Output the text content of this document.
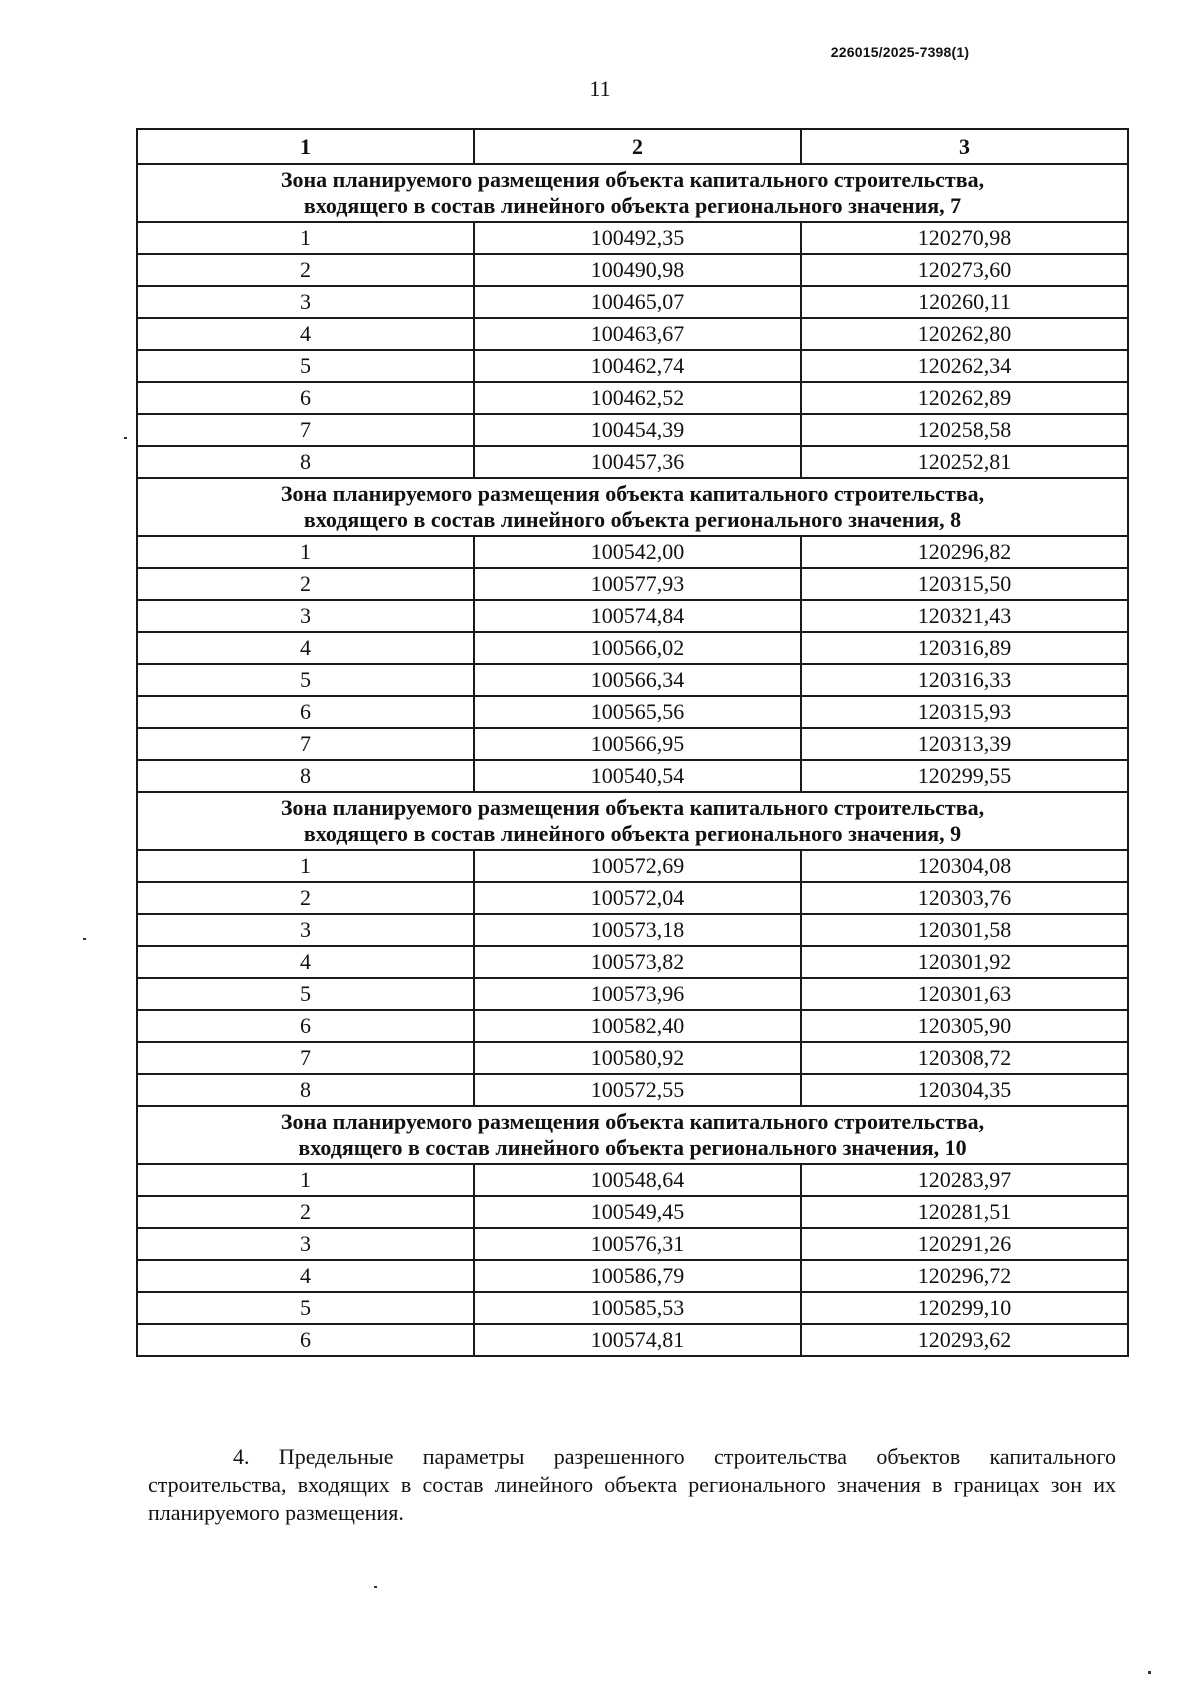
226015/2025-7398(1)
11
1	2	3

Зона планируемого размещения объекта капитального строительства,
входящего в состав линейного объекта регионального значения, 7		

1	100492,35	120270,98
2	100490,98	120273,60
3	100465,07	120260,11
4	100463,67	120262,80
5	100462,74	120262,34
6	100462,52	120262,89
7	100454,39	120258,58
8	100457,36	120252,81

Зона планируемого размещения объекта капитального строительства,
входящего в состав линейного объекта регионального значения, 8		

1	100542,00	120296,82
2	100577,93	120315,50
3	100574,84	120321,43
4	100566,02	120316,89
5	100566,34	120316,33
6	100565,56	120315,93
7	100566,95	120313,39
8	100540,54	120299,55

Зона планируемого размещения объекта капитального строительства,
входящего в состав линейного объекта регионального значения, 9		

1	100572,69	120304,08
2	100572,04	120303,76
3	100573,18	120301,58
4	100573,82	120301,92
5	100573,96	120301,63
6	100582,40	120305,90
7	100580,92	120308,72
8	100572,55	120304,35

Зона планируемого размещения объекта капитального строительства,
входящего в состав линейного объекта регионального значения, 10		

1	100548,64	120283,97
2	100549,45	120281,51
3	100576,31	120291,26
4	100586,79	120296,72
5	100585,53	120299,10
6	100574,81	120293,62

4. Предельные параметры разрешенного строительства объектов капитального строительства, входящих в состав линейного объекта регионального значения в границах зон их планируемого размещения.
